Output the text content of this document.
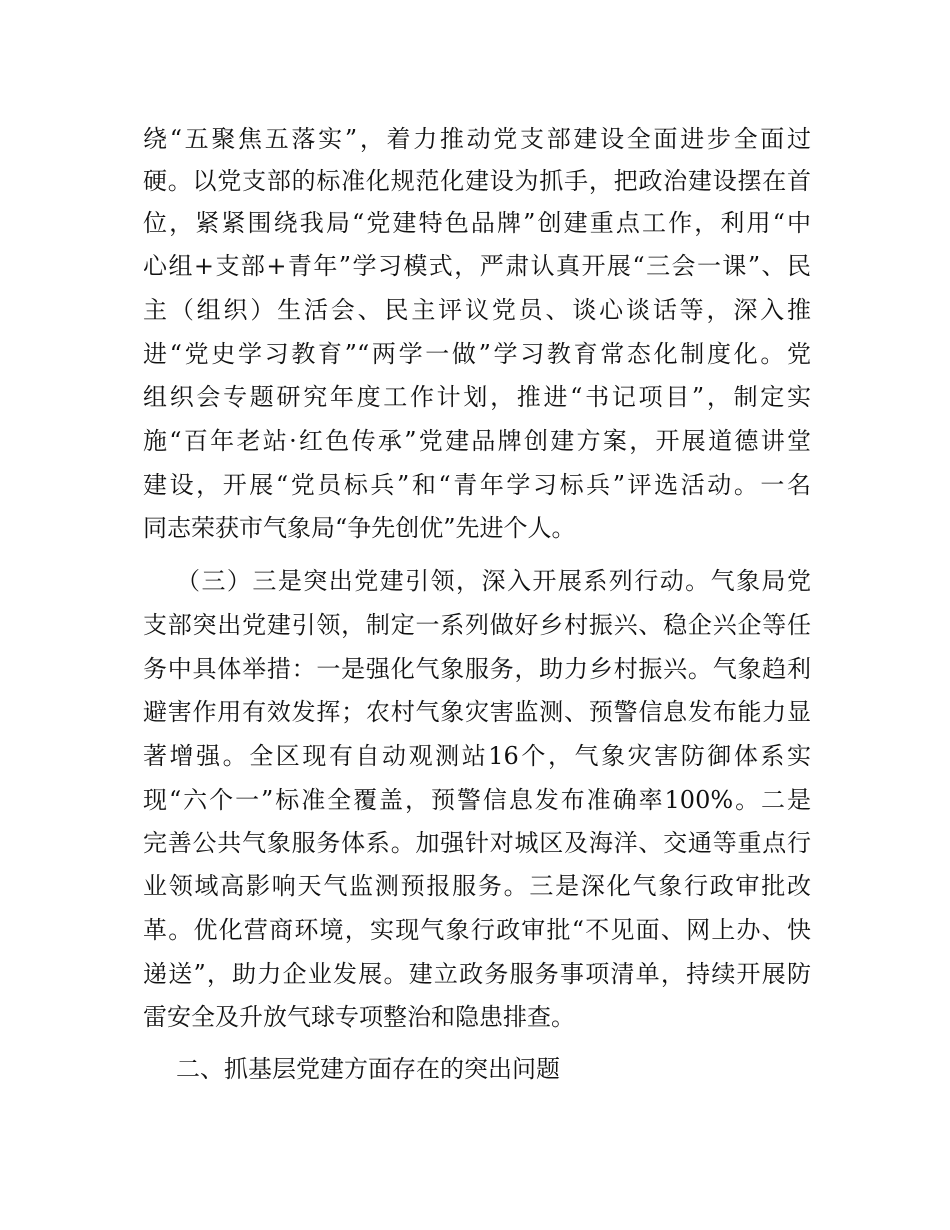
绕“五聚焦五落实”，着力推动党支部建设全面进步全面过
硬。以党支部的标准化规范化建设为抓手，把政治建设摆在首
位，紧紧围绕我局“党建特色品牌”创建重点工作，利用“中
心组+支部+青年”学习模式，严肃认真开展“三会一课”、民
主（组织）生活会、民主评议党员、谈心谈话等，深入推
进“党史学习教育”“两学一做”学习教育常态化制度化。党
组织会专题研究年度工作计划，推进“书记项目”，制定实
施“百年老站·红色传承”党建品牌创建方案，开展道德讲堂
建设，开展“党员标兵”和“青年学习标兵”评选活动。一名
同志荣获市气象局“争先创优”先进个人。
（三）三是突出党建引领，深入开展系列行动。气象局党
支部突出党建引领，制定一系列做好乡村振兴、稳企兴企等任
务中具体举措：一是强化气象服务，助力乡村振兴。气象趋利
避害作用有效发挥；农村气象灾害监测、预警信息发布能力显
著增强。全区现有自动观测站16个，气象灾害防御体系实
现“六个一”标准全覆盖，预警信息发布准确率100%。二是
完善公共气象服务体系。加强针对城区及海洋、交通等重点行
业领域高影响天气监测预报服务。三是深化气象行政审批改
革。优化营商环境，实现气象行政审批“不见面、网上办、快
递送”，助力企业发展。建立政务服务事项清单，持续开展防
雷安全及升放气球专项整治和隐患排查。
二、抓基层党建方面存在的突出问题
